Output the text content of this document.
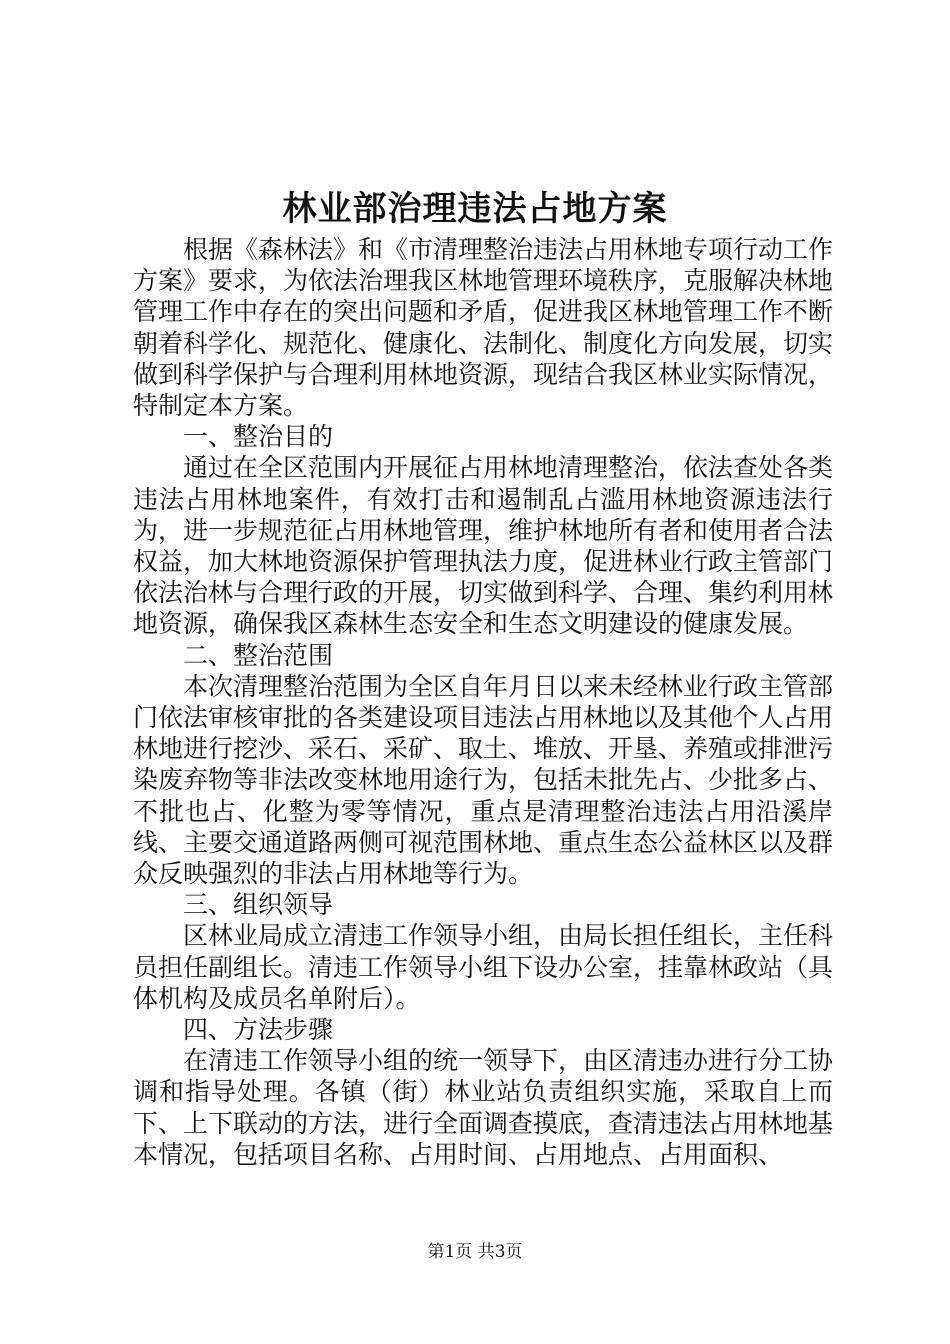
林业部治理违法占地方案

根据《森林法》和《市清理整治违法占用林地专项行动工作方案》要求，为依法治理我区林地管理环境秩序，克服解决林地管理工作中存在的突出问题和矛盾，促进我区林地管理工作不断朝着科学化、规范化、健康化、法制化、制度化方向发展，切实做到科学保护与合理利用林地资源，现结合我区林业实际情况，特制定本方案。

一、整治目的

通过在全区范围内开展征占用林地清理整治，依法查处各类违法占用林地案件，有效打击和遏制乱占滥用林地资源违法行为，进一步规范征占用林地管理，维护林地所有者和使用者合法权益，加大林地资源保护管理执法力度，促进林业行政主管部门依法治林与合理行政的开展，切实做到科学、合理、集约利用林地资源，确保我区森林生态安全和生态文明建设的健康发展。

二、整治范围

本次清理整治范围为全区自年月日以来未经林业行政主管部门依法审核审批的各类建设项目违法占用林地以及其他个人占用林地进行挖沙、采石、采矿、取土、堆放、开垦、养殖或排泄污染废弃物等非法改变林地用途行为，包括未批先占、少批多占、不批也占、化整为零等情况，重点是清理整治违法占用沿溪岸线、主要交通道路两侧可视范围林地、重点生态公益林区以及群众反映强烈的非法占用林地等行为。

三、组织领导

区林业局成立清违工作领导小组，由局长担任组长，主任科员担任副组长。清违工作领导小组下设办公室，挂靠林政站（具体机构及成员名单附后）。

四、方法步骤

在清违工作领导小组的统一领导下，由区清违办进行分工协调和指导处理。各镇（街）林业站负责组织实施，采取自上而下、上下联动的方法，进行全面调查摸底，查清违法占用林地基本情况，包括项目名称、占用时间、占用地点、占用面积、

第1页 共3页
